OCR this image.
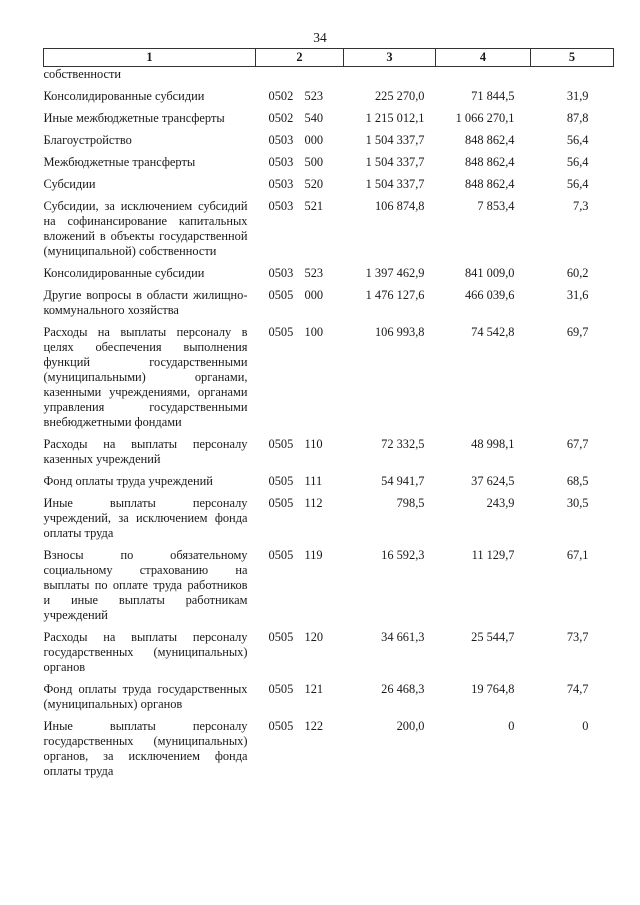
34
1	2	3	4	5
собственности				

Консолидированные субсидии	0502 523	225 270,0	71 844,5	31,9

Иные межбюджетные трансферты	0502 540	1 215 012,1	1 066 270,1	87,8

Благоустройство	0503 000	1 504 337,7	848 862,4	56,4

Межбюджетные трансферты	0503 500	1 504 337,7	848 862,4	56,4

Субсидии	0503 520	1 504 337,7	848 862,4	56,4

Субсидии, за исключением субсидий на софинансирование капитальных вложений в объекты государственной (муниципальной) собственности	0503 521	106 874,8	7 853,4	7,3

Консолидированные субсидии	0503 523	1 397 462,9	841 009,0	60,2

Другие вопросы в области жилищно-коммунального хозяйства	0505 000	1 476 127,6	466 039,6	31,6

Расходы на выплаты персоналу в целях обеспечения выполнения функций государственными (муниципальными) органами, казенными учреждениями, органами управления государственными внебюджетными фондами	0505 100	106 993,8	74 542,8	69,7

Расходы на выплаты персоналу казенных учреждений	0505 110	72 332,5	48 998,1	67,7

Фонд оплаты труда учреждений	0505 111	54 941,7	37 624,5	68,5

Иные выплаты персоналу учреждений, за исключением фонда оплаты труда	0505 112	798,5	243,9	30,5

Взносы по обязательному социальному страхованию на выплаты по оплате труда работников и иные выплаты работникам учреждений	0505 119	16 592,3	11 129,7	67,1

Расходы на выплаты персоналу государственных (муниципальных) органов	0505 120	34 661,3	25 544,7	73,7

Фонд оплаты труда государственных (муниципальных) органов	0505 121	26 468,3	19 764,8	74,7

Иные выплаты персоналу государственных (муниципальных) органов, за исключением фонда оплаты труда	0505 122	200,0	0	0
